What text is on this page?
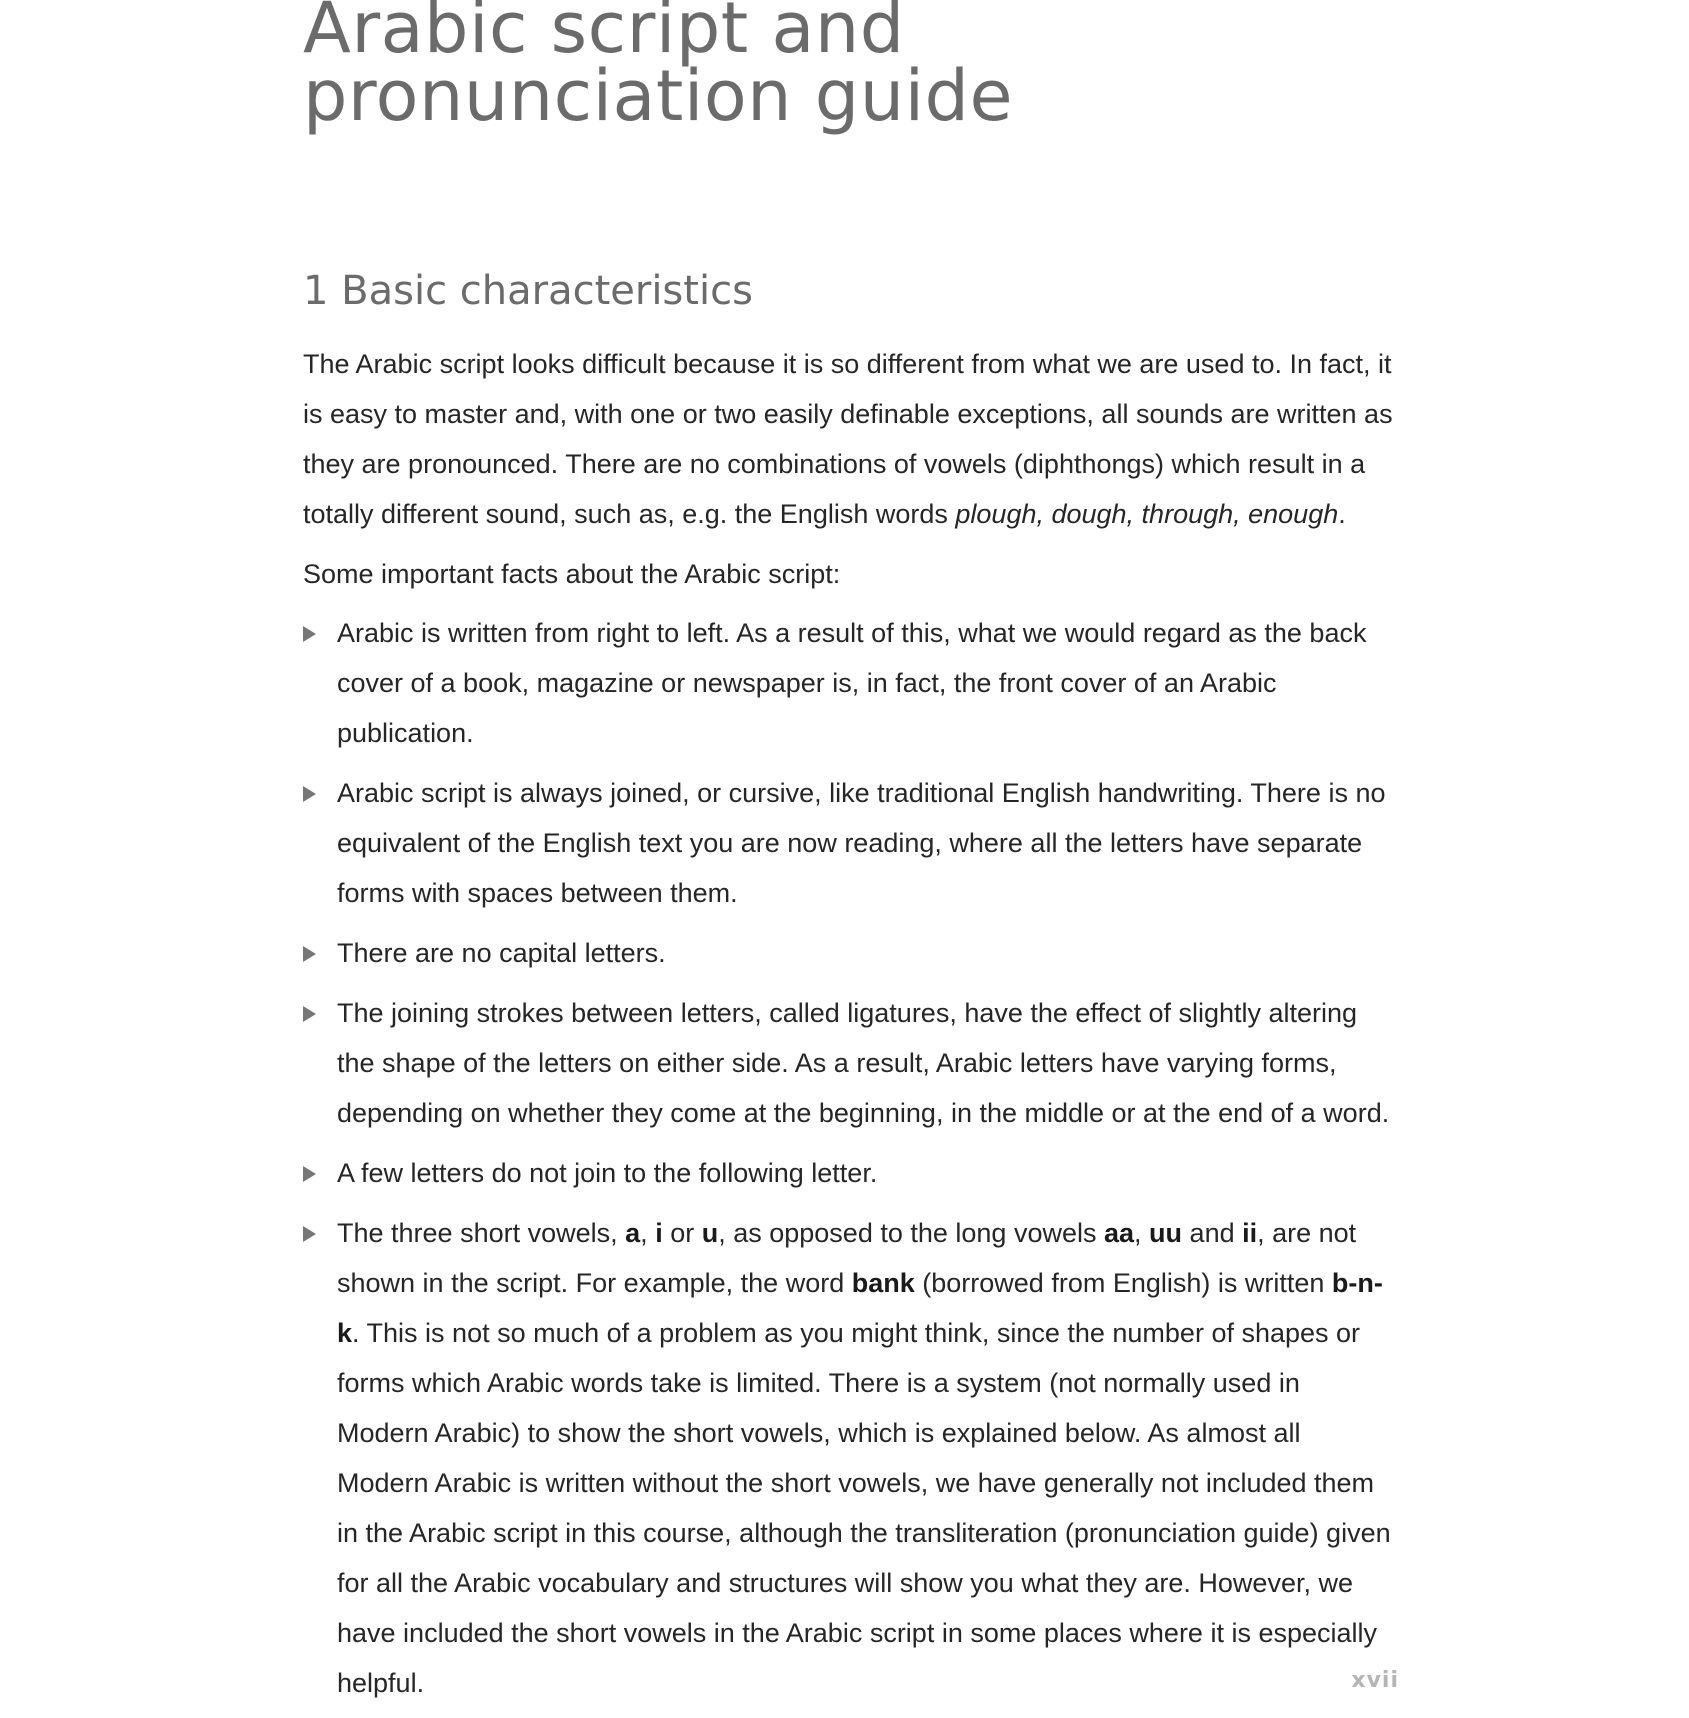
Arabic script and pronunciation guide
1 Basic characteristics

The Arabic script looks difficult because it is so different from what we are used to. In fact, it is easy to master and, with one or two easily definable exceptions, all sounds are written as they are pronounced. There are no combinations of vowels (diphthongs) which result in a totally different sound, such as, e.g. the English words plough, dough, through, enough.

Some important facts about the Arabic script:

Arabic is written from right to left. As a result of this, what we would regard as the back cover of a book, magazine or newspaper is, in fact, the front cover of an Arabic publication.
Arabic script is always joined, or cursive, like traditional English handwriting. There is no equivalent of the English text you are now reading, where all the letters have separate forms with spaces between them.
There are no capital letters.
The joining strokes between letters, called ligatures, have the effect of slightly altering the shape of the letters on either side. As a result, Arabic letters have varying forms, depending on whether they come at the beginning, in the middle or at the end of a word.
A few letters do not join to the following letter.
The three short vowels, a, i or u, as opposed to the long vowels aa, uu and ii, are not shown in the script. For example, the word bank (borrowed from English) is written b-n-k. This is not so much of a problem as you might think, since the number of shapes or forms which Arabic words take is limited. There is a system (not normally used in Modern Arabic) to show the short vowels, which is explained below. As almost all Modern Arabic is written without the short vowels, we have generally not included them in the Arabic script in this course, although the transliteration (pronunciation guide) given for all the Arabic vocabulary and structures will show you what they are. However, we have included the short vowels in the Arabic script in some places where it is especially helpful.	xvii
